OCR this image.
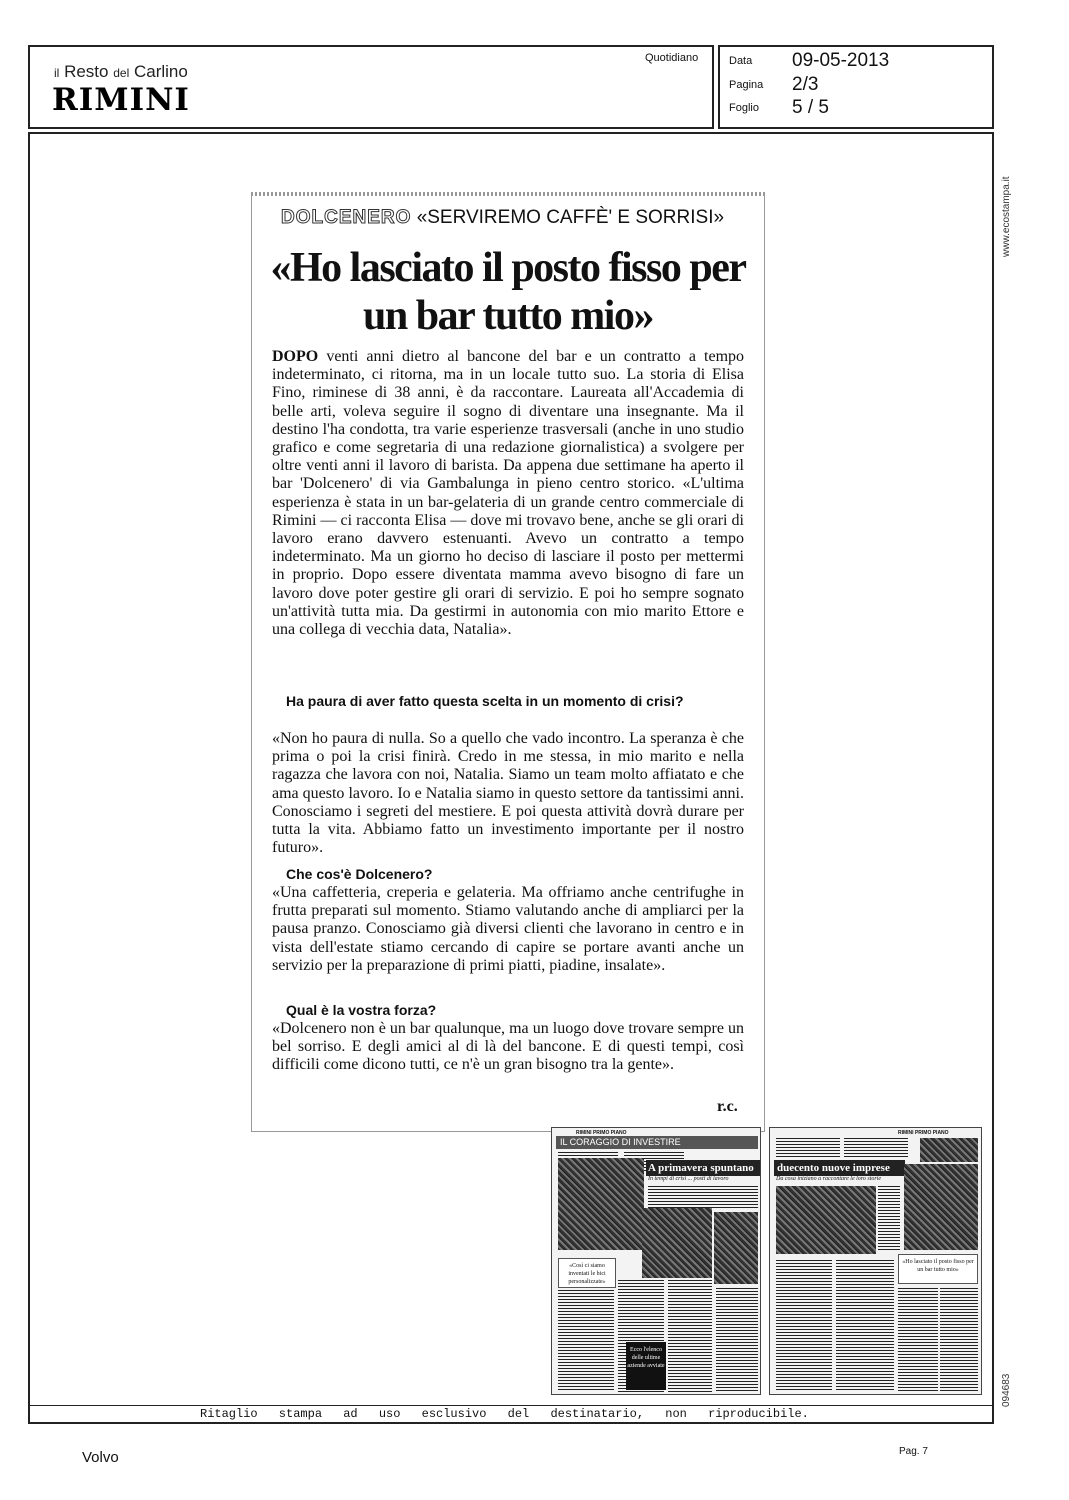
il Resto del Carlino
RIMINI
Quotidiano	Data 09-05-2013
Pagina 2/3
Foglio 5 / 5
www.ecostampa.it
094683
DOLCENERO «SERVIREMO CAFFÈ' E SORRISI»
«Ho lasciato il posto fisso per un bar tutto mio»

DOPO venti anni dietro al bancone del bar e un contratto a tempo indeterminato, ci ritorna, ma in un locale tutto suo. La storia di Elisa Fino, riminese di 38 anni, è da raccontare. Laureata all'Accademia di belle arti, voleva seguire il sogno di diventare una insegnante. Ma il destino l'ha condotta, tra varie esperienze trasversali (anche in uno studio grafico e come segretaria di una redazione giornalistica) a svolgere per oltre venti anni il lavoro di barista. Da appena due settimane ha aperto il bar 'Dolcenero' di via Gambalunga in pieno centro storico. «L'ultima esperienza è stata in un bar-gelateria di un grande centro commerciale di Rimini — ci racconta Elisa — dove mi trovavo bene, anche se gli orari di lavoro erano davvero estenuanti. Avevo un contratto a tempo indeterminato. Ma un giorno ho deciso di lasciare il posto per mettermi in proprio. Dopo essere diventata mamma avevo bisogno di fare un lavoro dove poter gestire gli orari di servizio. E poi ho sempre sognato un'attività tutta mia. Da gestirmi in autonomia con mio marito Ettore e una collega di vecchia data, Natalia».

Ha paura di aver fatto questa scelta in un momento di crisi?
«Non ho paura di nulla. So a quello che vado incontro. La speranza è che prima o poi la crisi finirà. Credo in me stessa, in mio marito e nella ragazza che lavora con noi, Natalia. Siamo un team molto affiatato e che ama questo lavoro. Io e Natalia siamo in questo settore da tantissimi anni. Conosciamo i segreti del mestiere. E poi questa attività dovrà durare per tutta la vita. Abbiamo fatto un investimento importante per il nostro futuro».
Che cos'è Dolcenero?
«Una caffetteria, creperia e gelateria. Ma offriamo anche centrifughe in frutta preparati sul momento. Stiamo valutando anche di ampliarci per la pausa pranzo. Conosciamo già diversi clienti che lavorano in centro e in vista dell'estate stiamo cercando di capire se portare avanti anche un servizio per la preparazione di primi piatti, piadine, insalate».
Qual è la vostra forza?
«Dolcenero non è un bar qualunque, ma un luogo dove trovare sempre un bel sorriso. E degli amici al di là del bancone. E di questi tempi, così difficili come dicono tutti, ce n'è un gran bisogno tra la gente».
r.c.
RIMINI PRIMO PIANO
IL CORAGGIO DI INVESTIRE
A primavera spuntano
In tempi di crisi ... posti di lavoro
«Così ci siamo inventati le bici personalizzate»
Ecco l'elenco delle ultime aziende avviate
RIMINI PRIMO PIANO
duecento nuove imprese
Da cosa iniziano a raccontare le loro storie
«Ho lasciato il posto fisso per un bar tutto mio»
Ritaglio stampa ad uso esclusivo del destinatario, non riproducibile.
Volvo	Pag. 7
